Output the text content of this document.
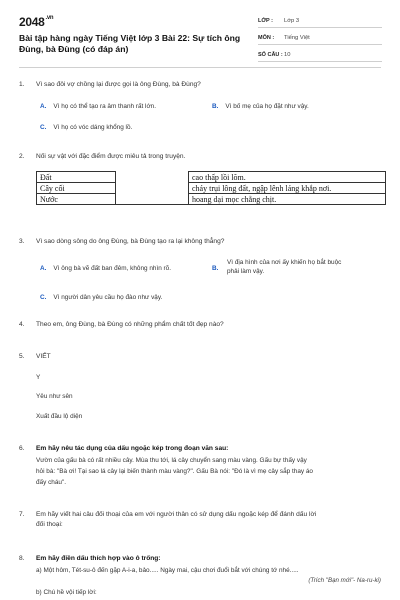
$2048^{.vn}$
Bài tập hàng ngày Tiếng Việt lớp 3 Bài 22: Sự tích ông Đùng, bà Đùng (có đáp án)
LỚP :	Lớp 3
MÔN :	Tiếng Việt
SỐ CÂU : 10
1. Vì sao đôi vợ chồng lại được gọi là ông Đùng, bà Đùng?
A. Vì họ có thể tạo ra âm thanh rất lớn.	B. Vì bố mẹ của họ đặt như vậy.
C. Vì họ có vóc dáng khổng lồ.
2. Nối sự vật với đặc điểm được miêu tả trong truyện.
Đất		cao thấp lồi lõm.
Cây cối		cháy trụi lông đất, ngập lênh láng khắp nơi.
Nước		hoang dại mọc chằng chịt.
3. Vì sao dòng sông do ông Đùng, bà Đùng tạo ra lại không thẳng?
A. Vì ông bà vẽ đất ban đêm, không nhìn rõ.	B.
Vì địa hình của nơi ấy khiến họ bắt buộc
phải làm vậy.
C. Vì người dân yêu cầu họ đào như vậy.
4. Theo em, ông Đùng, bà Đùng có những phẩm chất tốt đẹp nào?
5. VIẾT
Y
Yêu như sên
Xuất đầu lộ diện
6. Em hãy nêu tác dụng của dấu ngoặc kép trong đoạn văn sau:
Vườn của gấu bà có rất nhiều cây. Mùa thu tới, lá cây chuyển sang màu vàng. Gấu bự thấy vậy
hỏi bà: "Bà ơi! Tại sao lá cây lại biến thành màu vàng?". Gấu Bà nói: "Đó là vì mẹ cây sắp thay áo
đấy cháu".
7. Em hãy viết hai câu đối thoại của em với người thân có sử dụng dấu ngoặc kép để đánh dấu lời
đối thoại:
8. Em hãy điền dấu thích hợp vào ô trống:
a) Một hôm, Tét-su-ô đến gặp A-i-a, bảo..... Ngày mai, cậu chơi đuổi bắt với chúng tớ nhé.....
(Trích "Bạn mới"- Na-ru-ki)
b) Chú hề vội tiếp lời:
